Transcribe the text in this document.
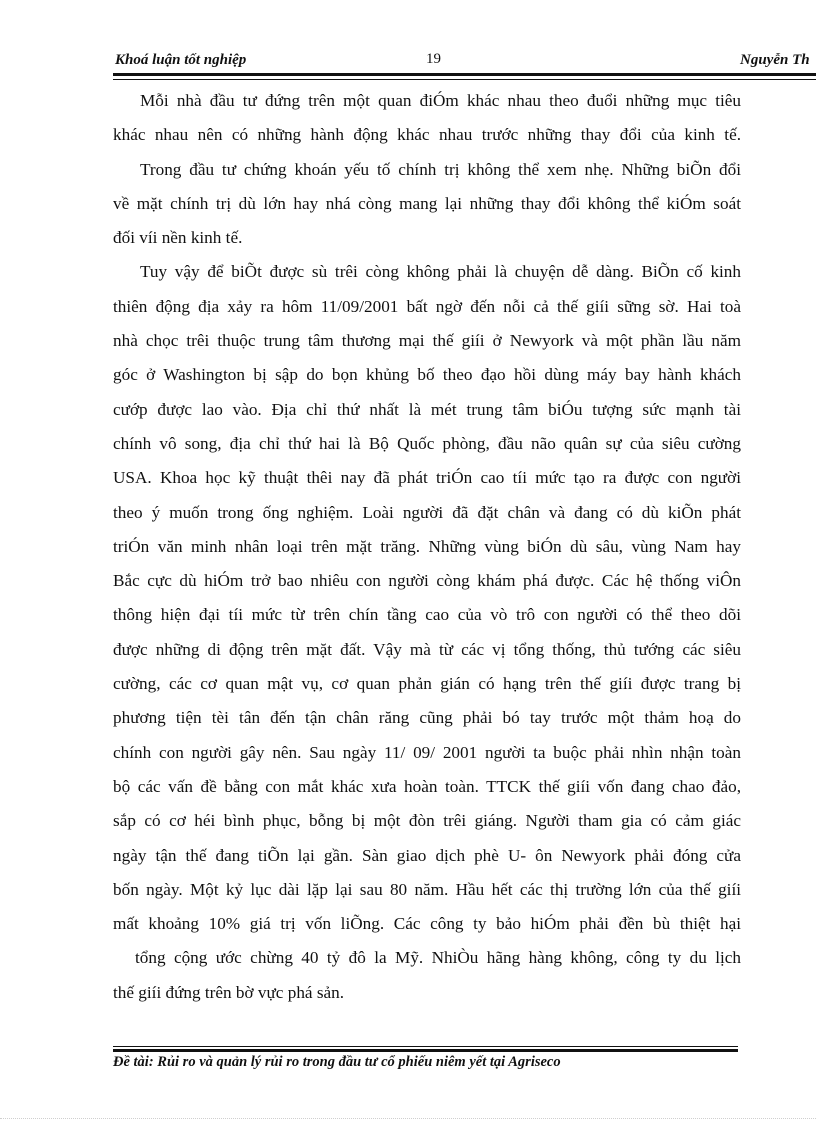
Khoá luận tốt nghiệp	19	Nguyễn Th
Mỗi nhà đầu tư đứng trên một quan điÓm khác nhau theo đuổi những mục tiêu
khác nhau nên có những hành động khác nhau trước những thay đổi của kinh tế.
Trong đầu tư chứng khoán yếu tố chính trị không thể xem nhẹ. Những biÕn đổi
về mặt chính trị dù lớn hay nhá còng mang lại những thay đổi không thể kiÓm soát
đối víi nền kinh tế.
Tuy vậy để biÕt được sù trêi còng không phải là chuyện dễ dàng. BiÕn cố kinh
thiên động địa xảy ra hôm 11/09/2001 bất ngờ đến nỗi cả thế giíi sững sờ. Hai toà
nhà chọc trêi thuộc trung tâm thương mại thế giíi ở Newyork và một phần lầu năm
góc ở Washington bị sập do bọn khủng bố theo đạo hồi dùng máy bay hành khách
cướp được lao vào. Địa chỉ thứ nhất là mét trung tâm biÓu tượng sức mạnh tài
chính vô song, địa chỉ thứ hai là Bộ Quốc phòng, đầu não quân sự của siêu cường
USA. Khoa học kỹ thuật thêi nay đã phát triÓn cao tíi mức tạo ra được con người
theo ý muốn trong ống nghiệm. Loài người đã đặt chân và đang có dù kiÕn phát
triÓn văn minh nhân loại trên mặt trăng. Những vùng biÓn dù sâu, vùng Nam hay
Bắc cực dù hiÓm trở bao nhiêu con người còng khám phá được. Các hệ thống viÔn
thông hiện đại tíi mức từ trên chín tầng cao của vò trô con người có thể theo dõi
được những di động trên mặt đất. Vậy mà từ các vị tổng thống, thủ tướng các siêu
cường, các cơ quan mật vụ, cơ quan phản gián có hạng trên thế giíi được trang bị
phương tiện tèi tân đến tận chân răng cũng phải bó tay trước một thảm hoạ do
chính con người gây nên. Sau ngày 11/ 09/ 2001 người ta buộc phải nhìn nhận toàn
bộ các vấn đề bằng con mắt khác xưa hoàn toàn. TTCK thế giíi vốn đang chao đảo,
sắp có cơ héi bình phục, bỗng bị một đòn trêi giáng. Người tham gia có cảm giác
ngày tận thế đang tiÕn lại gần. Sàn giao dịch phè U- ôn Newyork phải đóng cửa
bốn ngày. Một kỷ lục dài lặp lại sau 80 năm. Hầu hết các thị trường lớn của thế giíi
mất khoảng 10% giá trị vốn liÕng. Các công ty bảo hiÓm phải đền bù thiệt hại
tổng cộng ước chừng 40 tỷ đô la Mỹ. NhiÒu hãng hàng không, công ty du lịch
thế giíi đứng trên bờ vực phá sản.
Đề tài: Rủi ro và quản lý rủi ro trong đầu tư cổ phiếu niêm yết tại Agriseco
